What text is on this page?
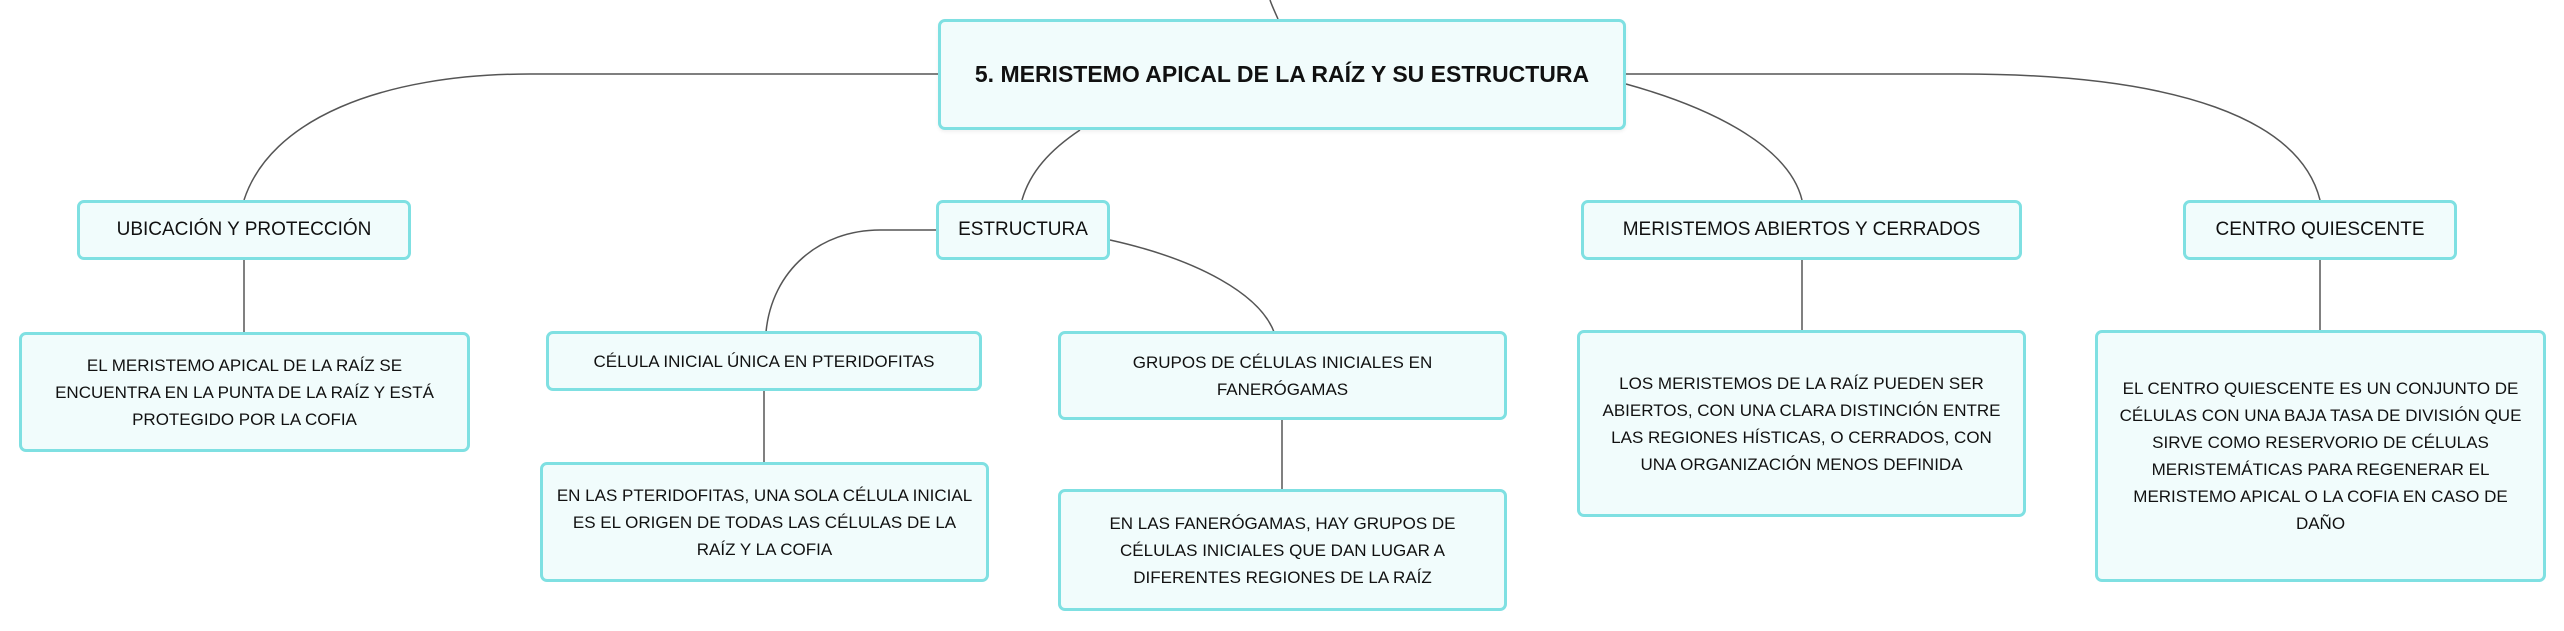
5. MERISTEMO APICAL DE LA RAÍZ Y SU ESTRUCTURA
UBICACIÓN Y PROTECCIÓN	ESTRUCTURA	MERISTEMOS ABIERTOS Y CERRADOS	CENTRO QUIESCENTE
EL MERISTEMO APICAL DE LA RAÍZ SE ENCUENTRA EN LA PUNTA DE LA RAÍZ Y ESTÁ PROTEGIDO POR LA COFIA
CÉLULA INICIAL ÚNICA EN PTERIDOFITAS	GRUPOS DE CÉLULAS INICIALES EN FANERÓGAMAS
EN LAS PTERIDOFITAS, UNA SOLA CÉLULA INICIAL ES EL ORIGEN DE TODAS LAS CÉLULAS DE LA RAÍZ Y LA COFIA
EN LAS FANERÓGAMAS, HAY GRUPOS DE CÉLULAS INICIALES QUE DAN LUGAR A DIFERENTES REGIONES DE LA RAÍZ
LOS MERISTEMOS DE LA RAÍZ PUEDEN SER ABIERTOS, CON UNA CLARA DISTINCIÓN ENTRE LAS REGIONES HÍSTICAS, O CERRADOS, CON UNA ORGANIZACIÓN MENOS DEFINIDA
EL CENTRO QUIESCENTE ES UN CONJUNTO DE CÉLULAS CON UNA BAJA TASA DE DIVISIÓN QUE SIRVE COMO RESERVORIO DE CÉLULAS MERISTEMÁTICAS PARA REGENERAR EL MERISTEMO APICAL O LA COFIA EN CASO DE DAÑO
